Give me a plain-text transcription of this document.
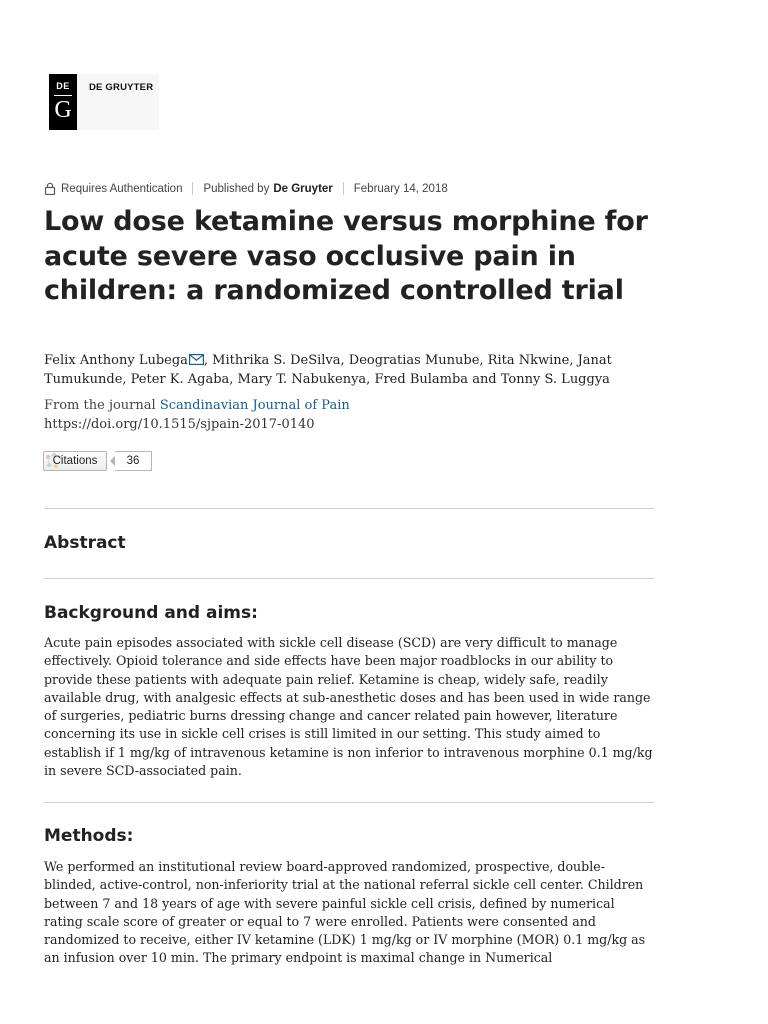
DE
G
DE GRUYTER
Requires Authentication Published by De Gruyter February 14, 2018
Low dose ketamine versus morphine for acute severe vaso occlusive pain in children: a randomized controlled trial
Felix Anthony Lubega , Mithrika S. DeSilva, Deogratias Munube, Rita Nkwine, Janat Tumukunde, Peter K. Agaba, Mary T. Nabukenya, Fred Bulamba and Tonny S. Luggya
From the journal Scandinavian Journal of Pain
https://doi.org/10.1515/sjpain-2017-0140
Citations	36
Abstract
Background and aims:

Acute pain episodes associated with sickle cell disease (SCD) are very difficult to manage effectively. Opioid tolerance and side effects have been major roadblocks in our ability to provide these patients with adequate pain relief. Ketamine is cheap, widely safe, readily available drug, with analgesic effects at sub-anesthetic doses and has been used in wide range of surgeries, pediatric burns dressing change and cancer related pain however, literature concerning its use in sickle cell crises is still limited in our setting. This study aimed to establish if 1 mg/kg of intravenous ketamine is non inferior to intravenous morphine 0.1 mg/kg in severe SCD-associated pain.

Methods:

We performed an institutional review board-approved randomized, prospective, double-blinded, active-control, non-inferiority trial at the national referral sickle cell center. Children between 7 and 18 years of age with severe painful sickle cell crisis, defined by numerical rating scale score of greater or equal to 7 were enrolled. Patients were consented and randomized to receive, either IV ketamine (LDK) 1 mg/kg or IV morphine (MOR) 0.1 mg/kg as an infusion over 10 min. The primary endpoint is maximal change in Numerical
